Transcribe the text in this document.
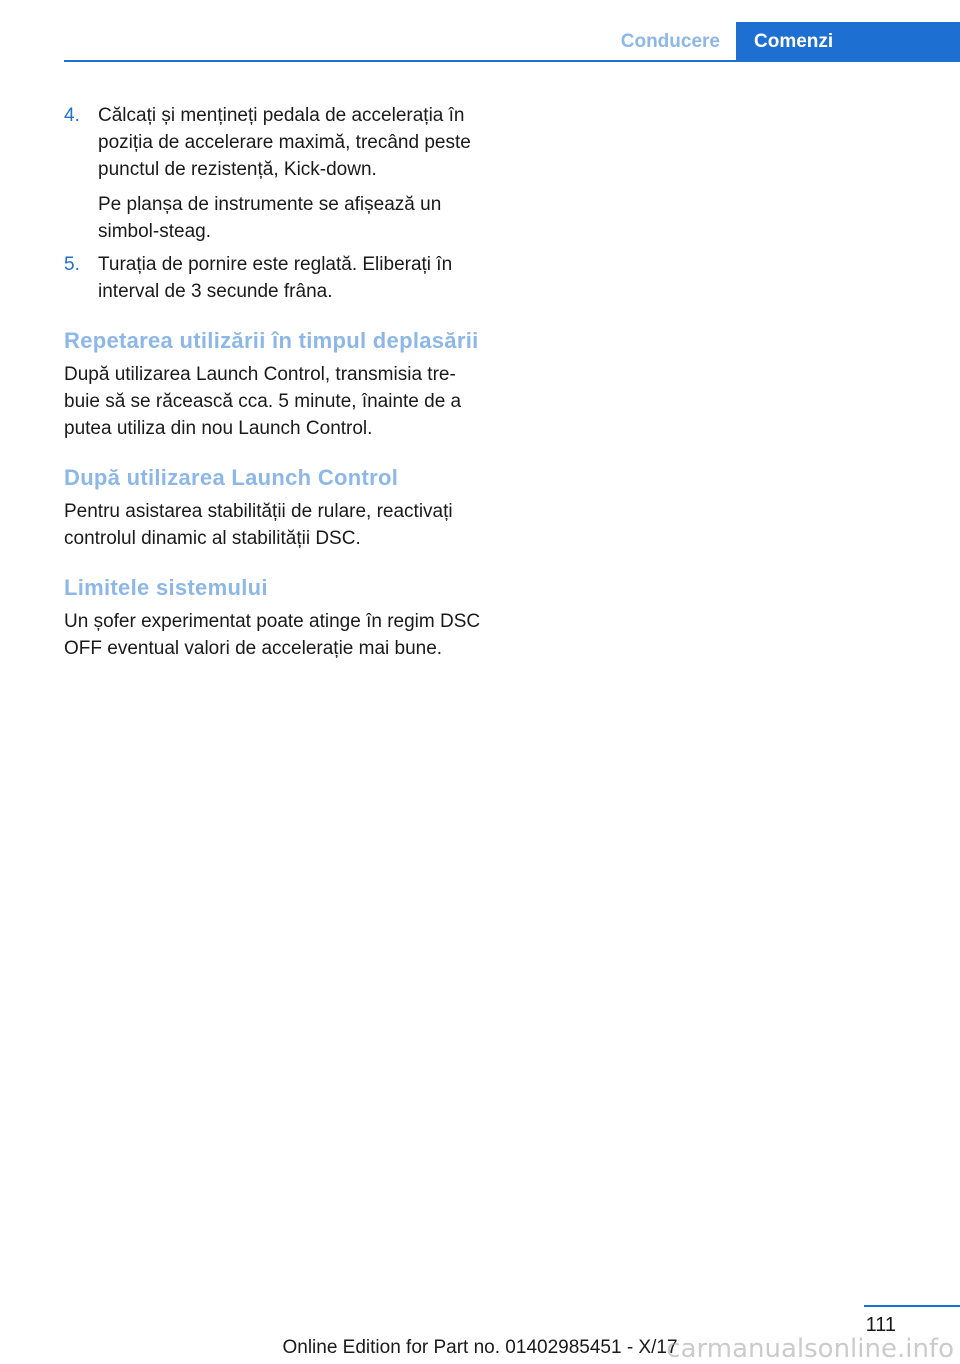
Conducere	Comenzi
4. Călcați și mențineți pedala de accelerația în poziția de accelerare maximă, trecând peste punctul de rezistență, Kick-down.

Pe planșa de instrumente se afișează un simbol-steag.

5. Turația de pornire este reglată. Eliberați în interval de 3 secunde frâna.

Repetarea utilizării în timpul deplasării

După utilizarea Launch Control, transmisia tre-buie să se răcească cca. 5 minute, înainte de a putea utiliza din nou Launch Control.

După utilizarea Launch Control

Pentru asistarea stabilității de rulare, reactivați controlul dinamic al stabilității DSC.

Limitele sistemului

Un șofer experimentat poate atinge în regim DSC OFF eventual valori de accelerație mai bune.

111
Online Edition for Part no. 01402985451 - X/17
carmanualsonline.info
